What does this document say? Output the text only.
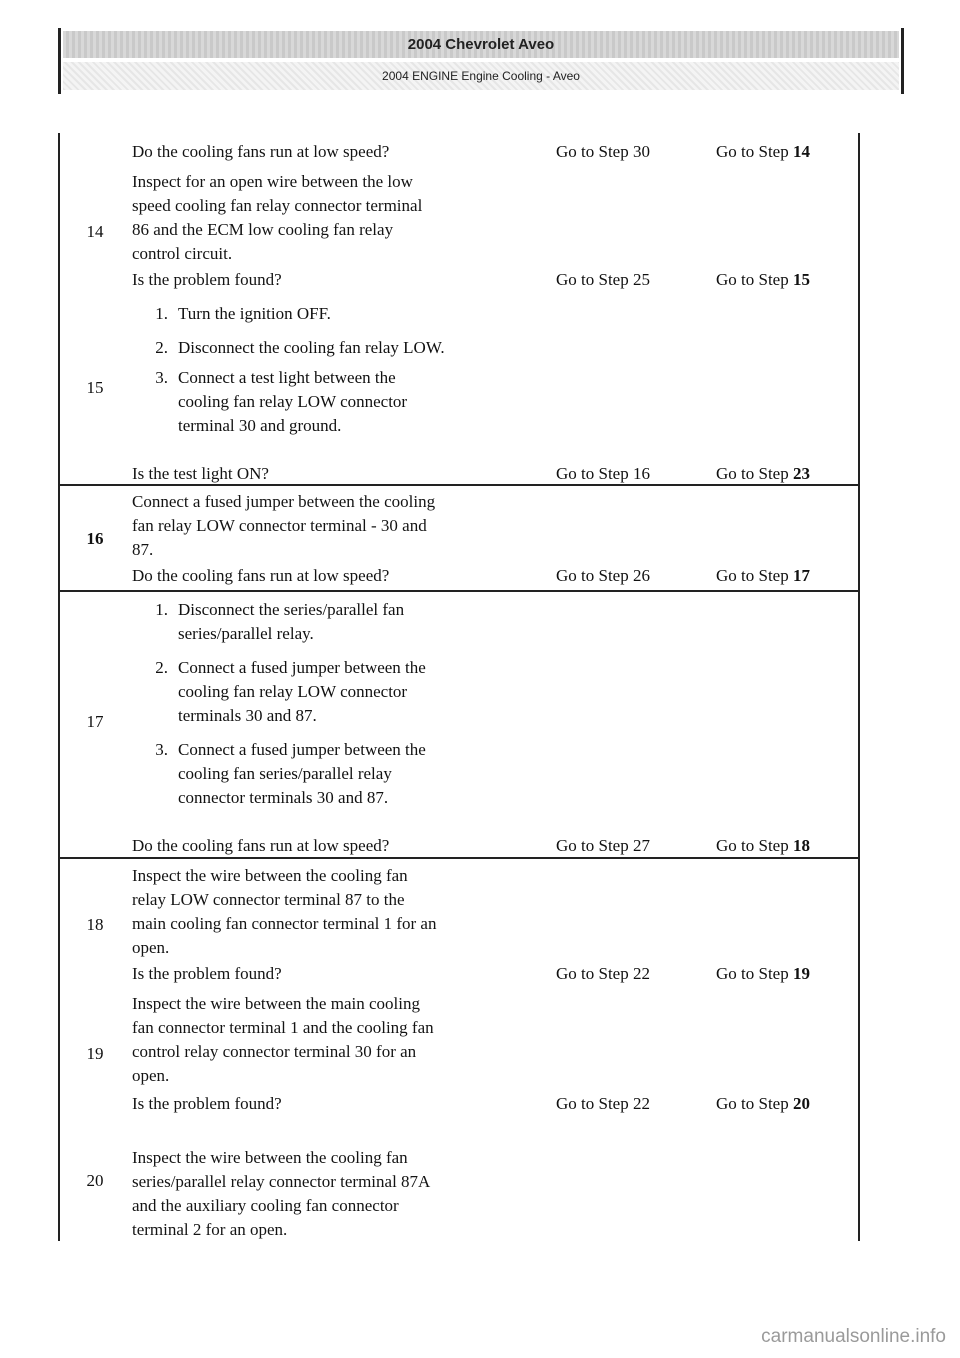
2004 Chevrolet Aveo
2004 ENGINE Engine Cooling - Aveo
Do the cooling fans run at low speed?	Go to Step 30	Go to Step 14
14
Inspect for an open wire between the low
speed cooling fan relay connector terminal
86 and the ECM low cooling fan relay
control circuit.
Is the problem found?	Go to Step 25	Go to Step 15
15
1. Turn the ignition OFF.
2. Disconnect the cooling fan relay LOW.
3. Connect a test light between the
cooling fan relay LOW connector
terminal 30 and ground.
Is the test light ON?	Go to Step 16	Go to Step 23
16
Connect a fused jumper between the cooling
fan relay LOW connector terminal - 30 and
87.
Do the cooling fans run at low speed?	Go to Step 26	Go to Step 17
17
1. Disconnect the series/parallel fan
series/parallel relay.
2. Connect a fused jumper between the
cooling fan relay LOW connector
terminals 30 and 87.
3. Connect a fused jumper between the
cooling fan series/parallel relay
connector terminals 30 and 87.
Do the cooling fans run at low speed?	Go to Step 27	Go to Step 18
18
Inspect the wire between the cooling fan
relay LOW connector terminal 87 to the
main cooling fan connector terminal 1 for an
open.
Is the problem found?	Go to Step 22	Go to Step 19
19
Inspect the wire between the main cooling
fan connector terminal 1 and the cooling fan
control relay connector terminal 30 for an
open.
Is the problem found?	Go to Step 22	Go to Step 20
20
Inspect the wire between the cooling fan
series/parallel relay connector terminal 87A
and the auxiliary cooling fan connector
terminal 2 for an open.
carmanualsonline.info
